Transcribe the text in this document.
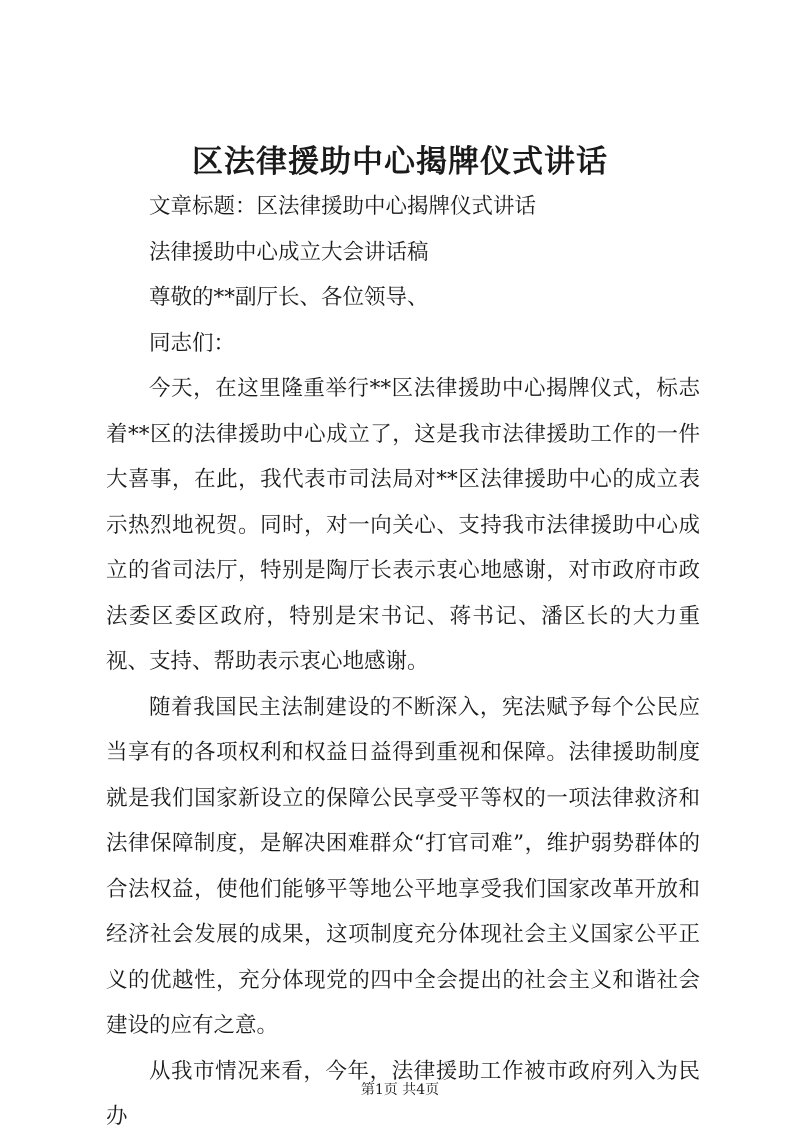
区法律援助中心揭牌仪式讲话

文章标题：区法律援助中心揭牌仪式讲话

法律援助中心成立大会讲话稿

尊敬的**副厅长、各位领导、

同志们：

今天，在这里隆重举行**区法律援助中心揭牌仪式，标志着**区的法律援助中心成立了，这是我市法律援助工作的一件大喜事，在此，我代表市司法局对**区法律援助中心的成立表示热烈地祝贺。同时，对一向关心、支持我市法律援助中心成立的省司法厅，特别是陶厅长表示衷心地感谢，对市政府市政法委区委区政府，特别是宋书记、蒋书记、潘区长的大力重视、支持、帮助表示衷心地感谢。

随着我国民主法制建设的不断深入，宪法赋予每个公民应当享有的各项权利和权益日益得到重视和保障。法律援助制度就是我们国家新设立的保障公民享受平等权的一项法律救济和法律保障制度，是解决困难群众“打官司难”，维护弱势群体的合法权益，使他们能够平等地公平地享受我们国家改革开放和经济社会发展的成果，这项制度充分体现社会主义国家公平正义的优越性，充分体现党的四中全会提出的社会主义和谐社会建设的应有之意。

从我市情况来看，今年，法律援助工作被市政府列入为民办

第1页 共4页
